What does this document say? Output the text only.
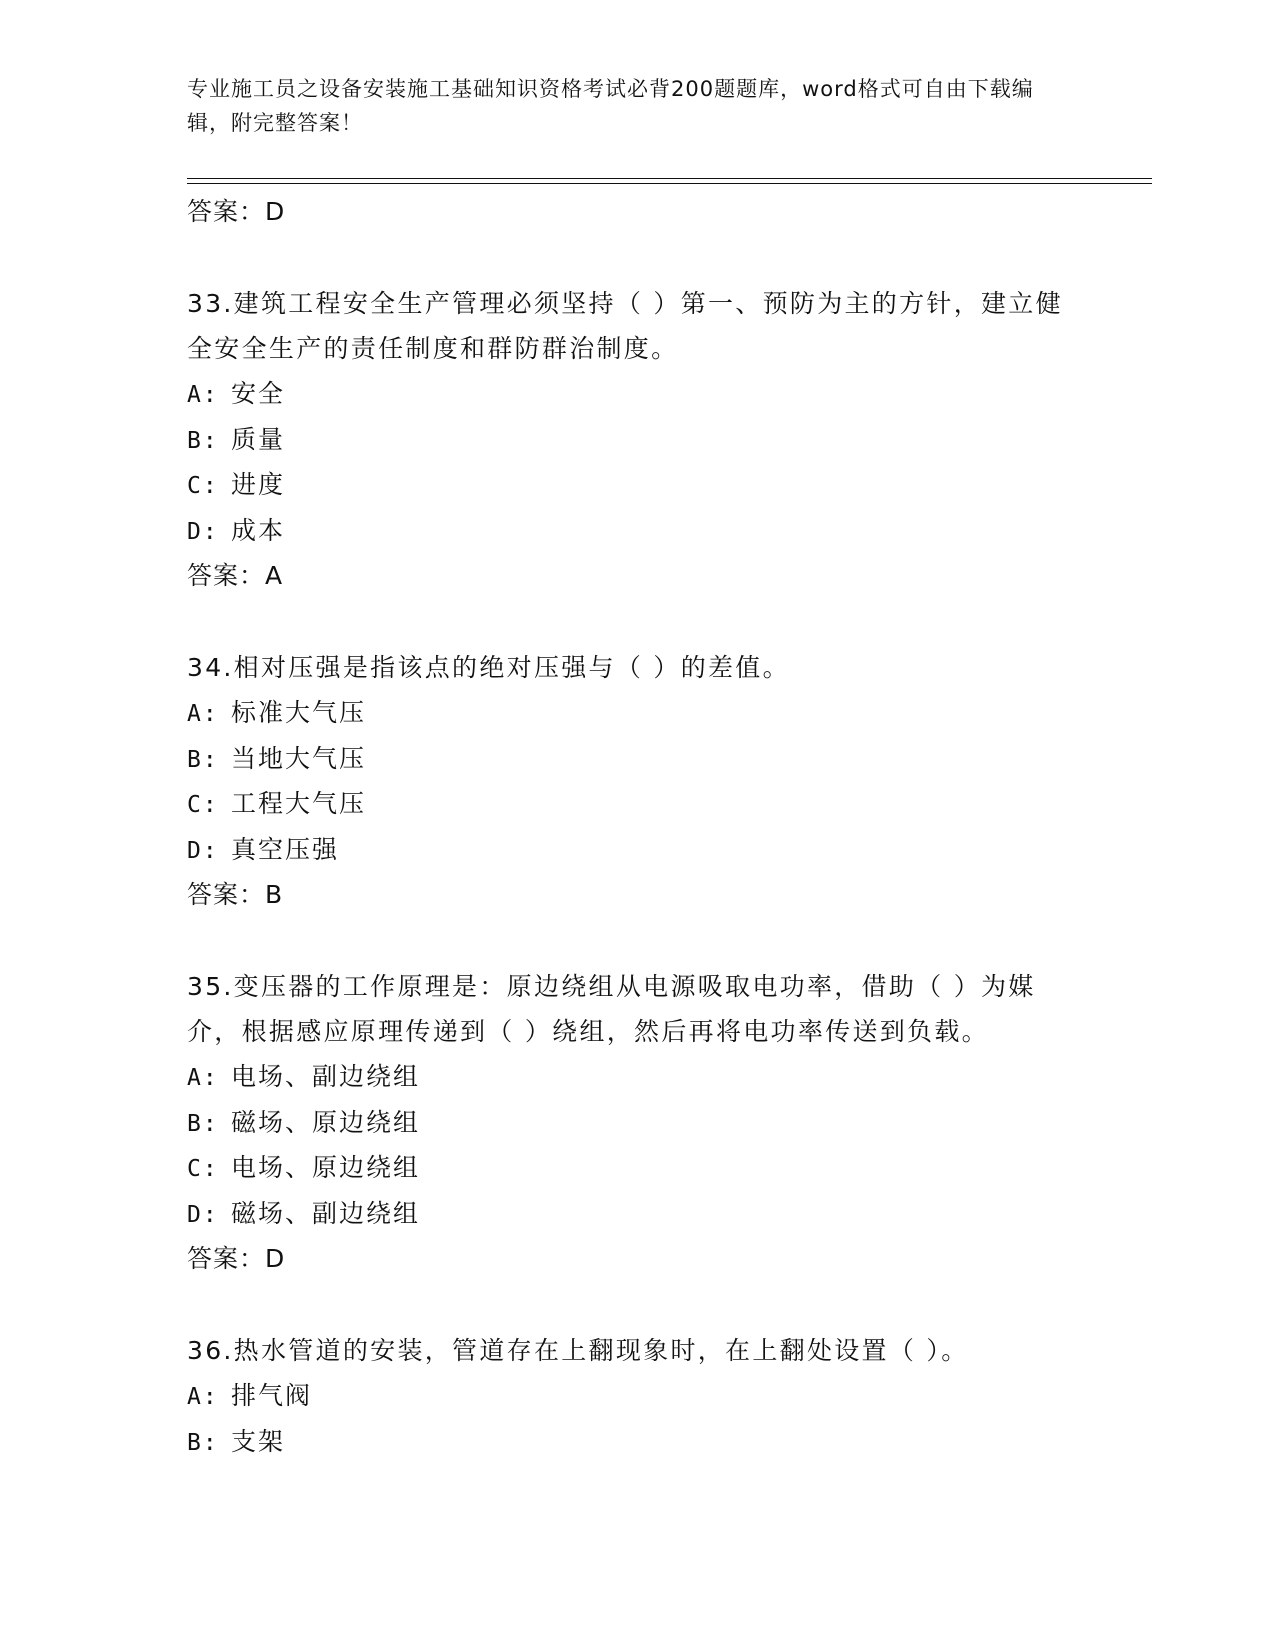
专业施工员之设备安装施工基础知识资格考试必背200题题库，word格式可自由下载编辑，附完整答案！
答案：D
33.建筑工程安全生产管理必须坚持（ ）第一、预防为主的方针，建立健全安全生产的责任制度和群防群治制度。
A: 安全
B: 质量
C: 进度
D: 成本
答案：A
34.相对压强是指该点的绝对压强与（ ）的差值。
A: 标准大气压
B: 当地大气压
C: 工程大气压
D: 真空压强
答案：B
35.变压器的工作原理是：原边绕组从电源吸取电功率，借助（ ）为媒介，根据感应原理传递到（ ）绕组，然后再将电功率传送到负载。
A: 电场、副边绕组
B: 磁场、原边绕组
C: 电场、原边绕组
D: 磁场、副边绕组
答案：D
36.热水管道的安装，管道存在上翻现象时，在上翻处设置（ ）。
A: 排气阀
B: 支架
